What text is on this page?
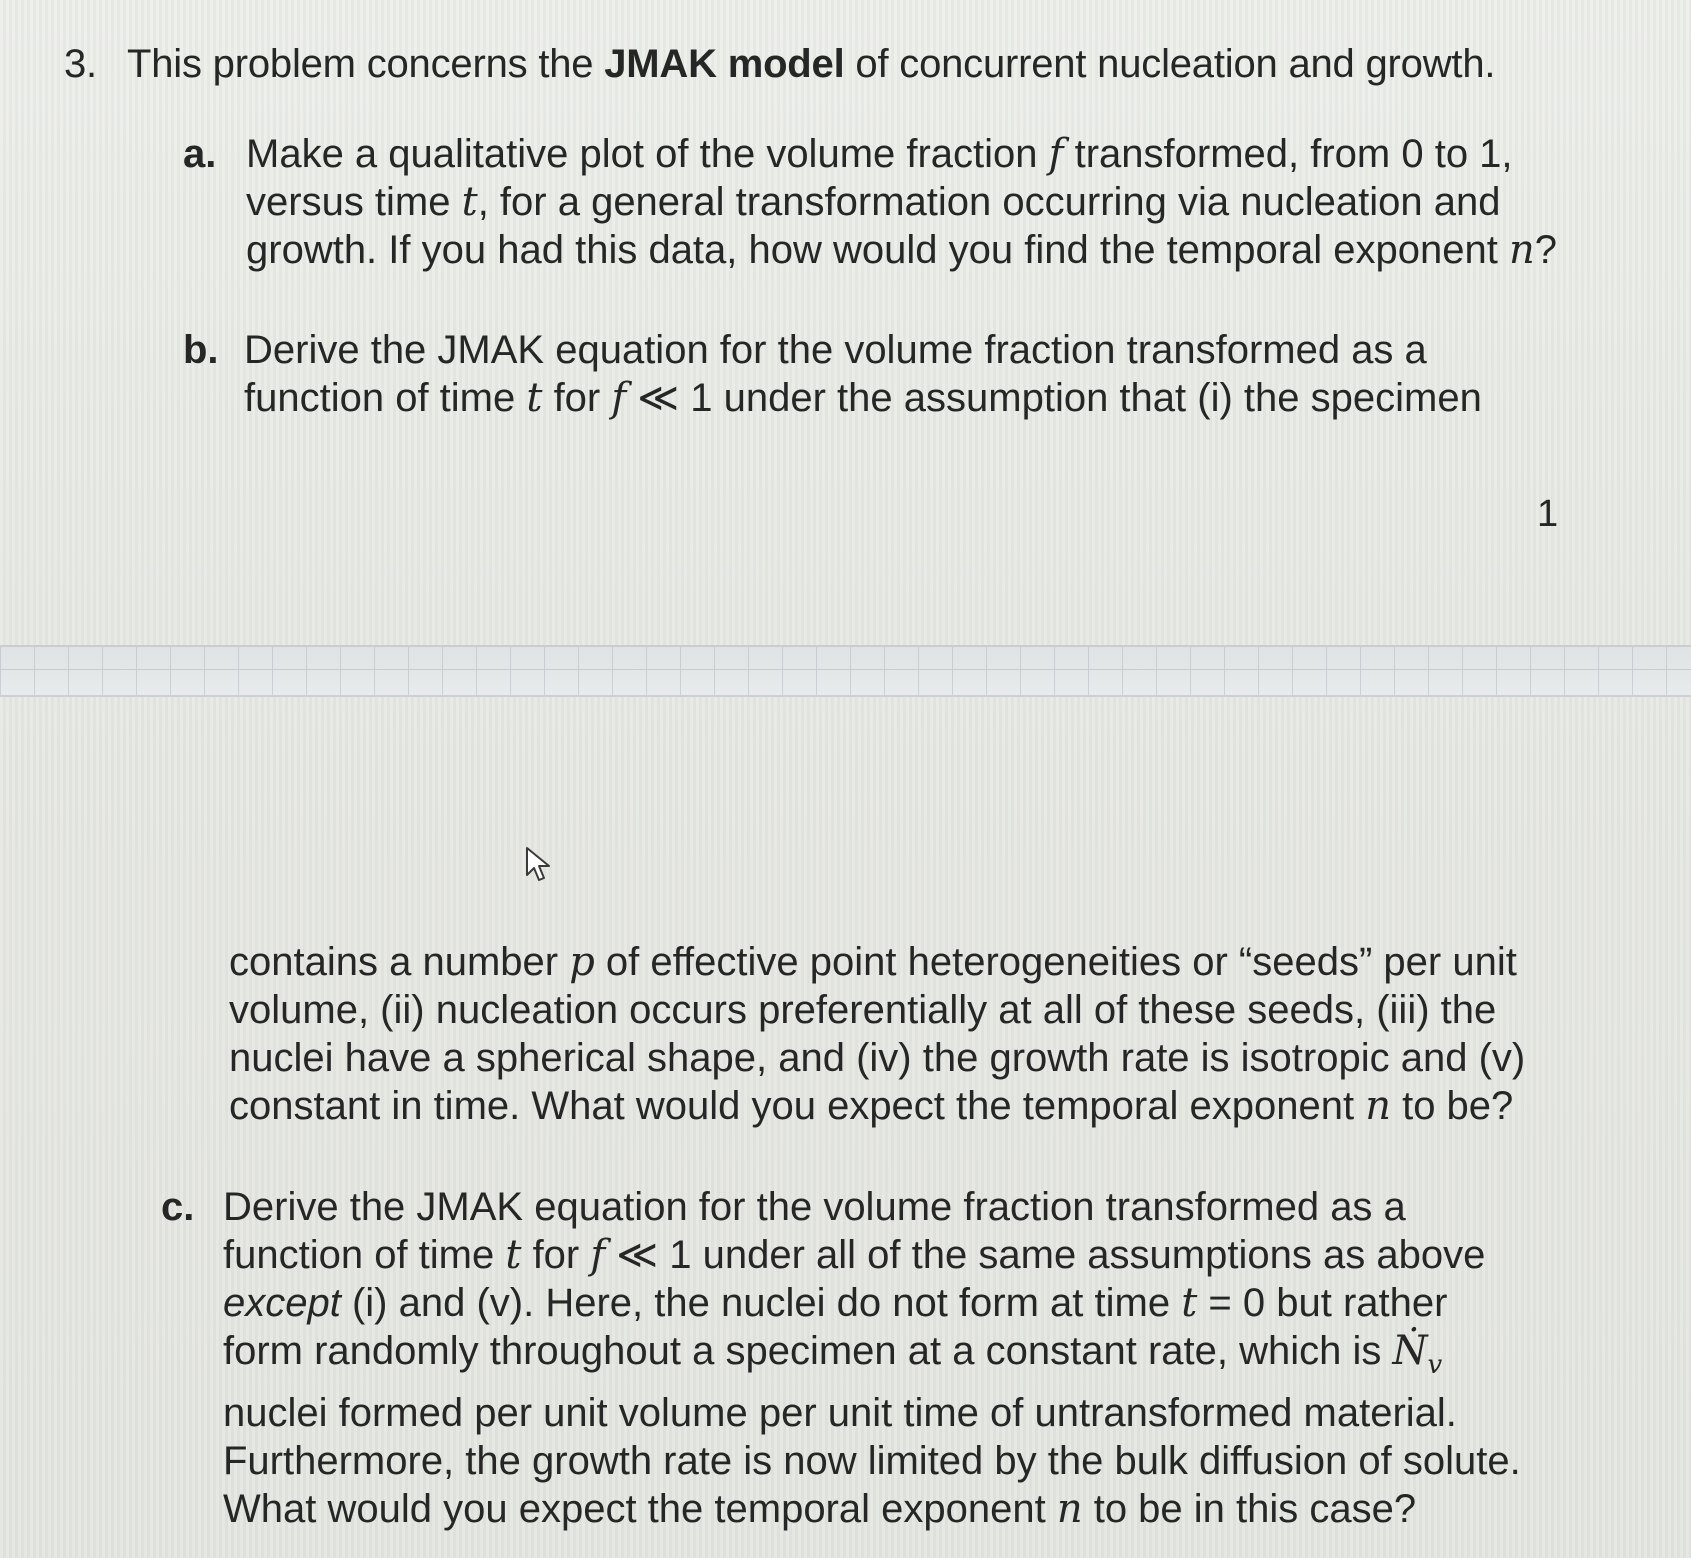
3. This problem concerns the JMAK model of concurrent nucleation and growth.
a. Make a qualitative plot of the volume fraction f transformed, from 0 to 1,
versus time t, for a general transformation occurring via nucleation and
growth. If you had this data, how would you find the temporal exponent n?
b. Derive the JMAK equation for the volume fraction transformed as a
function of time t for f ≪ 1 under the assumption that (i) the specimen
1
contains a number p of effective point heterogeneities or “seeds” per unit
volume, (ii) nucleation occurs preferentially at all of these seeds, (iii) the
nuclei have a spherical shape, and (iv) the growth rate is isotropic and (v)
constant in time. What would you expect the temporal exponent n to be?
c. Derive the JMAK equation for the volume fraction transformed as a
function of time t for f ≪ 1 under all of the same assumptions as above
except (i) and (v). Here, the nuclei do not form at time t = 0 but rather
form randomly throughout a specimen at a constant rate, which is Ṅ$_v$
nuclei formed per unit volume per unit time of untransformed material.
Furthermore, the growth rate is now limited by the bulk diffusion of solute.
What would you expect the temporal exponent n to be in this case?
